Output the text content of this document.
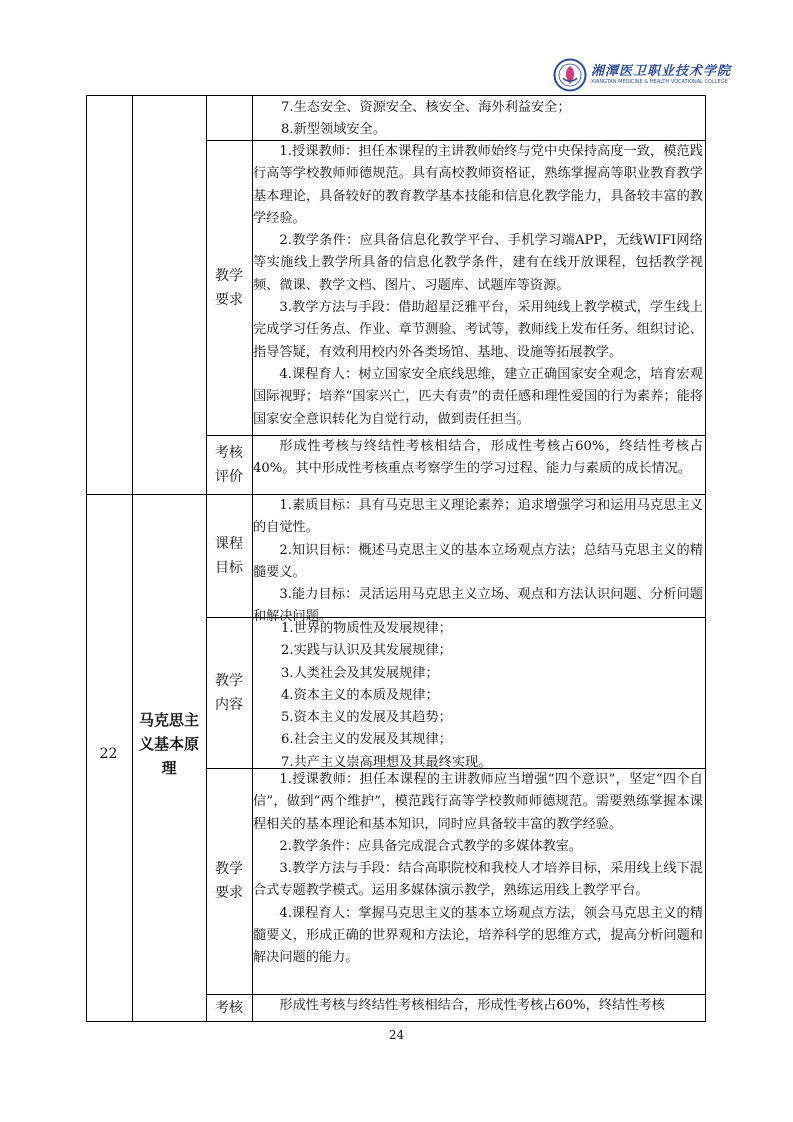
湘潭医卫职业技术学院
XIANGTAN MEDICINE & HEALTH VOCATIONAL COLLEGE
7.生态安全、资源安全、核安全、海外利益安全；
8.新型领域安全。
教学
要求
1.授课教师：担任本课程的主讲教师始终与党中央保持高度一致，模范践行高等学校教师师德规范。具有高校教师资格证，熟练掌握高等职业教育教学基本理论，具备较好的教育教学基本技能和信息化教学能力，具备较丰富的教学经验。
2.教学条件：应具备信息化教学平台、手机学习端APP，无线WIFI网络等实施线上教学所具备的信息化教学条件，建有在线开放课程，包括教学视频、微课、教学文档、图片、习题库、试题库等资源。
3.教学方法与手段：借助超星泛雅平台，采用纯线上教学模式，学生线上完成学习任务点、作业、章节测验、考试等，教师线上发布任务、组织讨论、指导答疑，有效利用校内外各类场馆、基地、设施等拓展教学。
4.课程育人：树立国家安全底线思维，建立正确国家安全观念，培育宏观国际视野；培养“国家兴亡，匹夫有责”的责任感和理性爱国的行为素养；能将国家安全意识转化为自觉行动，做到责任担当。
考核
评价
形成性考核与终结性考核相结合，形成性考核占60%，终结性考核占40%。其中形成性考核重点考察学生的学习过程、能力与素质的成长情况。
22
马克思主
义基本原
理
课程
目标
1.素质目标：具有马克思主义理论素养；追求增强学习和运用马克思主义的自觉性。
2.知识目标：概述马克思主义的基本立场观点方法；总结马克思主义的精髓要义。
3.能力目标：灵活运用马克思主义立场、观点和方法认识问题、分析问题和解决问题。
教学
内容
1.世界的物质性及发展规律；
2.实践与认识及其发展规律；
3.人类社会及其发展规律；
4.资本主义的本质及规律；
5.资本主义的发展及其趋势；
6.社会主义的发展及其规律；
7.共产主义崇高理想及其最终实现。
教学
要求
1.授课教师：担任本课程的主讲教师应当增强“四个意识”，坚定“四个自信”，做到“两个维护”，模范践行高等学校教师师德规范。需要熟练掌握本课程相关的基本理论和基本知识，同时应具备较丰富的教学经验。
2.教学条件：应具备完成混合式教学的多媒体教室。
3.教学方法与手段：结合高职院校和我校人才培养目标，采用线上线下混合式专题教学模式。运用多媒体演示教学，熟练运用线上教学平台。
4.课程育人：掌握马克思主义的基本立场观点方法，领会马克思主义的精髓要义，形成正确的世界观和方法论，培养科学的思维方式，提高分析问题和解决问题的能力。
考核	形成性考核与终结性考核相结合，形成性考核占60%，终结性考核
24
